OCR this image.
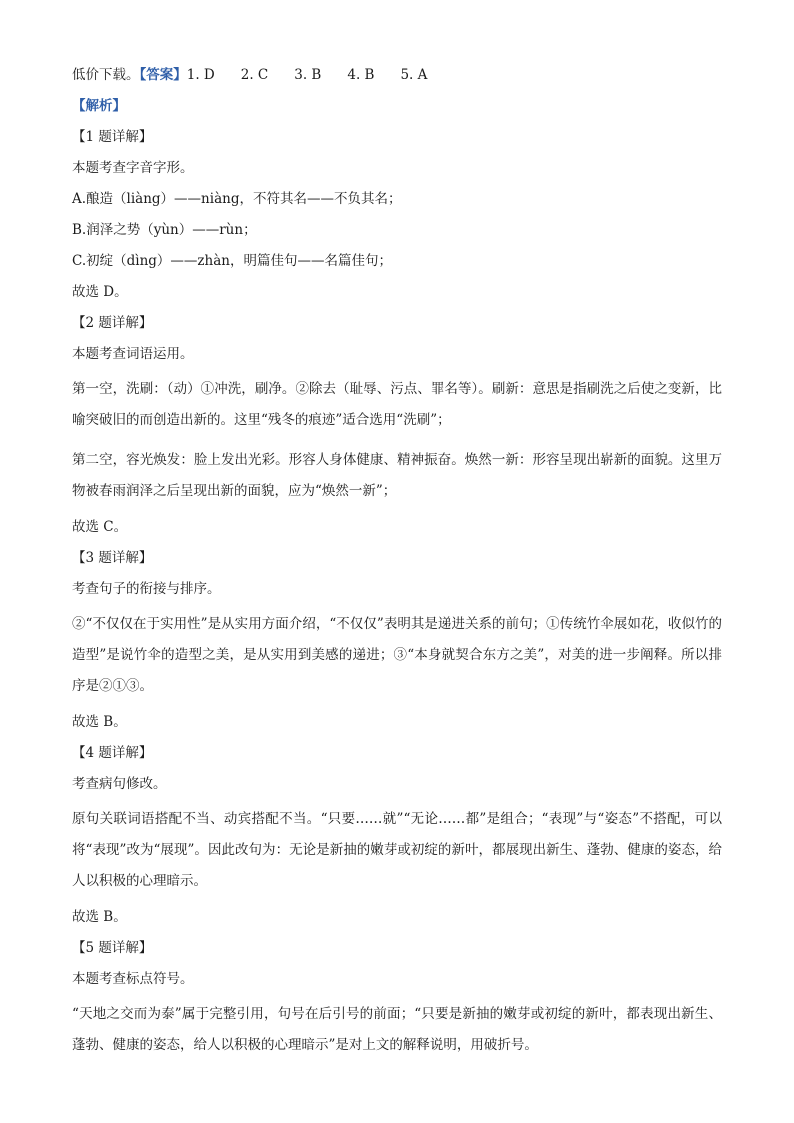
低价下载。【答案】1. D 2. C 3. B 4. B 5. A

【解析】

【1 题详解】

本题考查字音字形。

A.酿造（liàng）——niàng，不符其名——不负其名；

B.润泽之势（yùn）——rùn；

C.初绽（dìng）——zhàn，明篇佳句——名篇佳句；

故选 D。

【2 题详解】

本题考查词语运用。

第一空，洗刷：（动）①冲洗，刷净。②除去（耻辱、污点、罪名等）。刷新：意思是指刷洗之后使之变新，比喻突破旧的而创造出新的。这里“残冬的痕迹”适合选用“洗刷”；

第二空，容光焕发：脸上发出光彩。形容人身体健康、精神振奋。焕然一新：形容呈现出崭新的面貌。这里万物被春雨润泽之后呈现出新的面貌，应为“焕然一新”；

故选 C。

【3 题详解】

考查句子的衔接与排序。

②“不仅仅在于实用性”是从实用方面介绍，“不仅仅”表明其是递进关系的前句；①传统竹伞展如花，收似竹的造型”是说竹伞的造型之美，是从实用到美感的递进；③“本身就契合东方之美”，对美的进一步阐释。所以排序是②①③。

故选 B。

【4 题详解】

考查病句修改。

原句关联词语搭配不当、动宾搭配不当。“只要……就”“无论……都”是组合；“表现”与“姿态”不搭配，可以将“表现”改为“展现”。因此改句为：无论是新抽的嫩芽或初绽的新叶，都展现出新生、蓬勃、健康的姿态，给人以积极的心理暗示。

故选 B。

【5 题详解】

本题考查标点符号。

“天地之交而为泰”属于完整引用，句号在后引号的前面；“只要是新抽的嫩芽或初绽的新叶，都表现出新生、蓬勃、健康的姿态，给人以积极的心理暗示”是对上文的解释说明，用破折号。
